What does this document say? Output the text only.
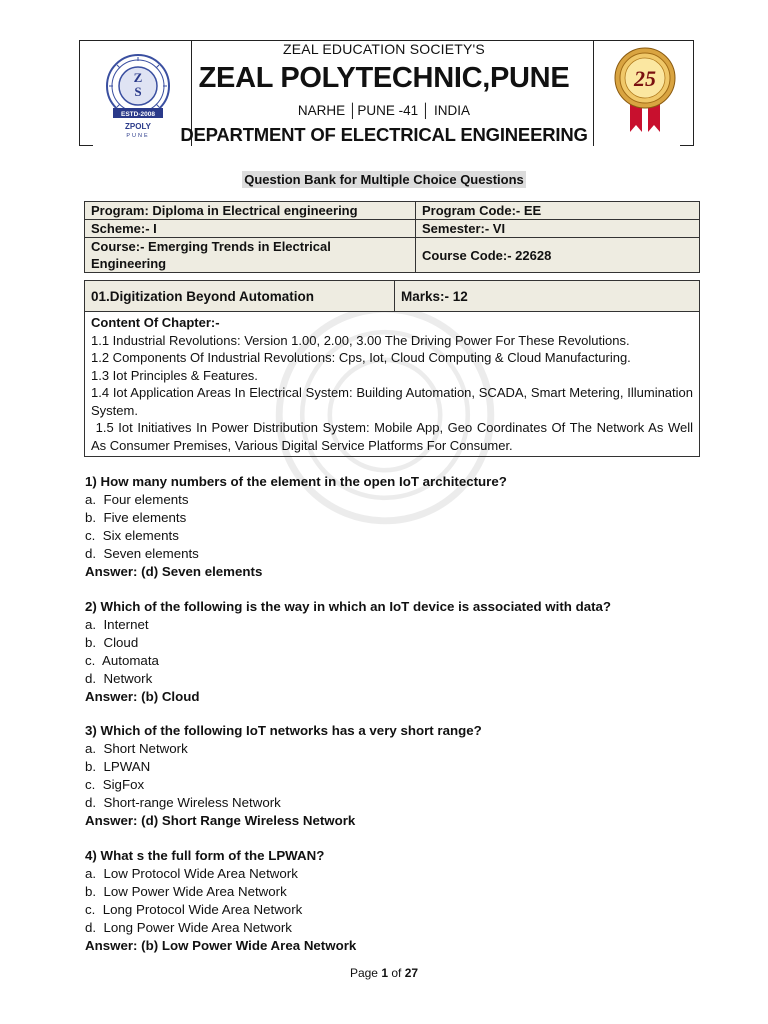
Z
S
ESTD-2008
ZPOLY
PUNE
25
ZEAL EDUCATION SOCIETY'S
ZEAL POLYTECHNIC,PUNE
NARHE │PUNE -41 │ INDIA
DEPARTMENT OF ELECTRICAL ENGINEERING
Question Bank for Multiple Choice Questions
Program: Diploma in Electrical engineering	Program Code:- EE
Scheme:- I	Semester:- VI
Course:- Emerging Trends in Electrical Engineering	Course Code:- 22628
01.Digitization Beyond Automation	Marks:- 12

Content Of Chapter:-
1.1 Industrial Revolutions: Version 1.00, 2.00, 3.00 The Driving Power For These Revolutions.
1.2 Components Of Industrial Revolutions: Cps, Iot, Cloud Computing & Cloud Manufacturing.
1.3 Iot Principles & Features.
1.4 Iot Application Areas In Electrical System: Building Automation, SCADA, Smart Metering, Illumination System.
1.5 Iot Initiatives In Power Distribution System: Mobile App, Geo Coordinates Of The Network As Well As Consumer Premises, Various Digital Service Platforms For Consumer.
1) How many numbers of the element in the open IoT architecture?
a.  Four elements
b.  Five elements
c.  Six elements
d.  Seven elements
Answer: (d) Seven elements
2) Which of the following is the way in which an IoT device is associated with data?
a.  Internet
b.  Cloud
c.  Automata
d.  Network
Answer: (b) Cloud
3) Which of the following IoT networks has a very short range?
a.  Short Network
b.  LPWAN
c.  SigFox
d.  Short-range Wireless Network
Answer: (d) Short Range Wireless Network
4) What s the full form of the LPWAN?
a.  Low Protocol Wide Area Network
b.  Low Power Wide Area Network
c.  Long Protocol Wide Area Network
d.  Long Power Wide Area Network
Answer: (b) Low Power Wide Area Network
Page 1 of 27
